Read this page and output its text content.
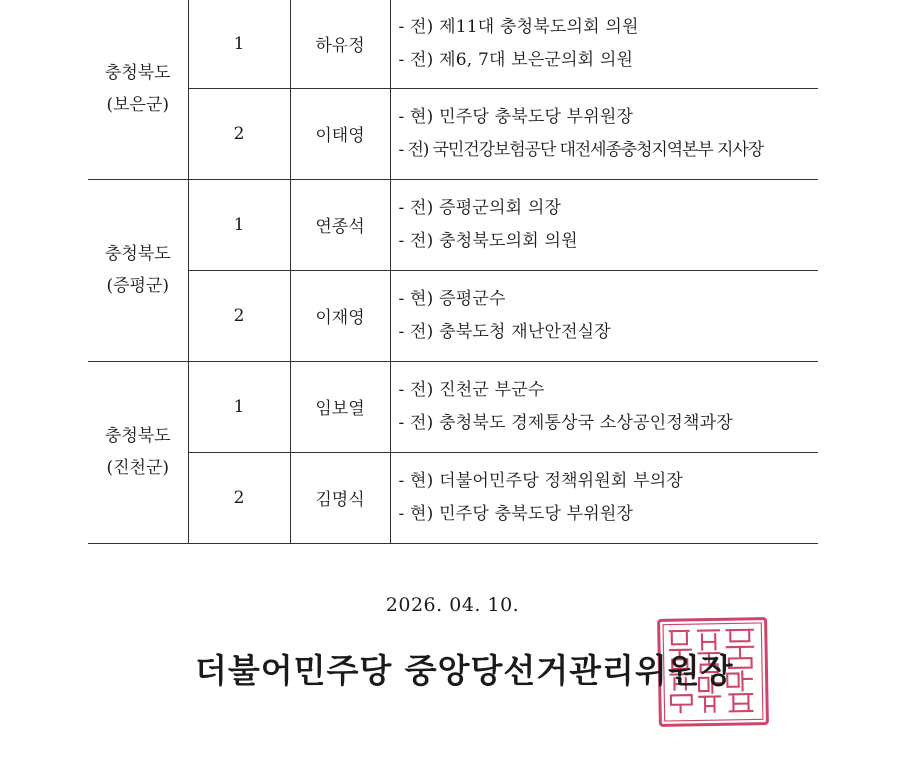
충청북도
(보은군)	1	하유정	- 전) 제11대 충청북도의회 의원
- 전) 제6, 7대 보은군의회 의원

	2	이태영	- 현) 민주당 충북도당 부위원장
- 전) 국민건강보험공단 대전세종충청지역본부 지사장

충청북도
(증평군)	1	연종석	- 전) 증평군의회 의장
- 전) 충청북도의회 의원

	2	이재영	- 현) 증평군수
- 전) 충북도청 재난안전실장

충청북도
(진천군)	1	임보열	- 전) 진천군 부군수
- 전) 충청북도 경제통상국 소상공인정책과장

	2	김명식	- 현) 더불어민주당 정책위원회 부의장
- 현) 민주당 충북도당 부위원장
2026. 04. 10.
더불어민주당 중앙당선거관리위원장
